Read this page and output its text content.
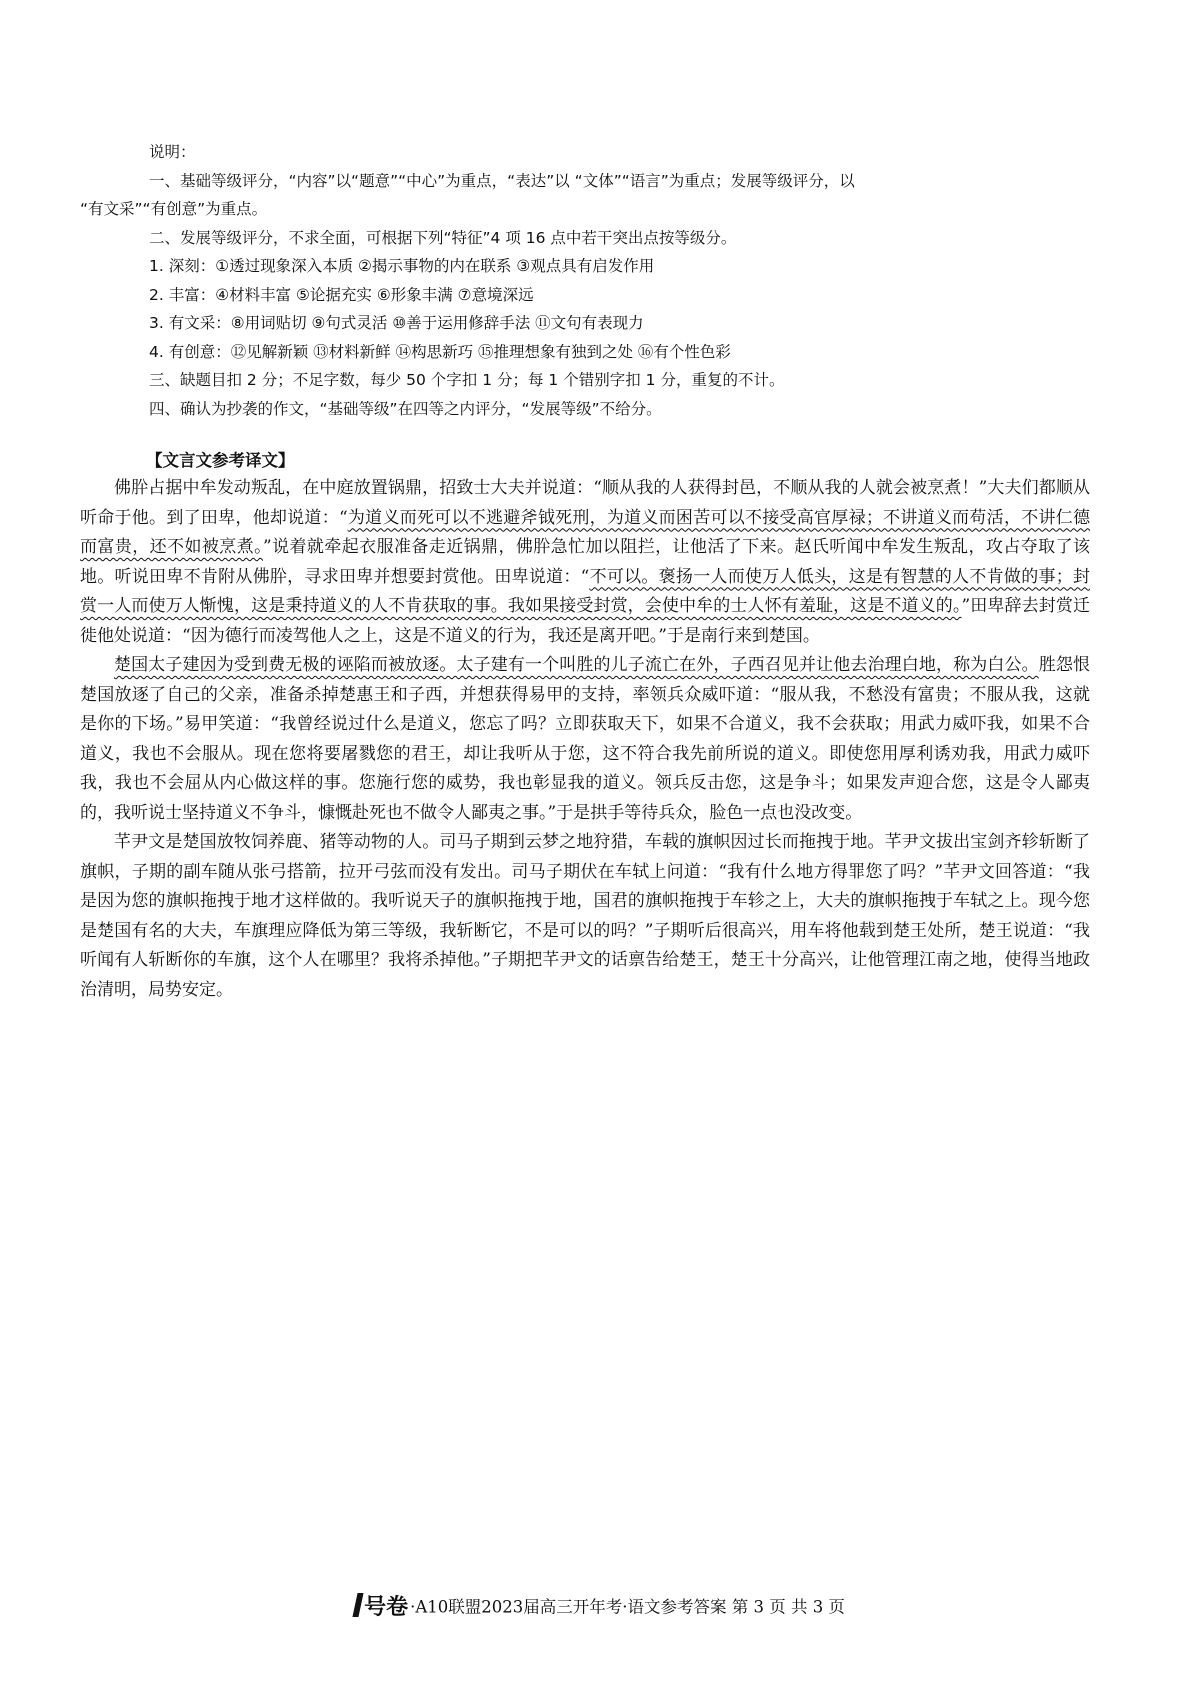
说明：

一、基础等级评分，“内容”以“题意”“中心”为重点，“表达”以 “文体”“语言”为重点；发展等级评分，以

“有文采”“有创意”为重点。

二、发展等级评分，不求全面，可根据下列“特征”4 项 16 点中若干突出点按等级分。

1. 深刻：①透过现象深入本质 ②揭示事物的内在联系 ③观点具有启发作用

2. 丰富：④材料丰富 ⑤论据充实 ⑥形象丰满 ⑦意境深远

3. 有文采：⑧用词贴切 ⑨句式灵活 ⑩善于运用修辞手法 ⑪文句有表现力

4. 有创意：⑫见解新颖 ⑬材料新鲜 ⑭构思新巧 ⑮推理想象有独到之处 ⑯有个性色彩

三、缺题目扣 2 分；不足字数，每少 50 个字扣 1 分；每 1 个错别字扣 1 分，重复的不计。

四、确认为抄袭的作文，“基础等级”在四等之内评分，“发展等级”不给分。

【文言文参考译文】

佛肸占据中牟发动叛乱，在中庭放置锅鼎，招致士大夫并说道：“顺从我的人获得封邑，不顺从我的人就会被烹煮！”大夫们都顺从听命于他。到了田卑，他却说道：“为道义而死可以不逃避斧钺死刑，为道义而困苦可以不接受高官厚禄；不讲道义而苟活，不讲仁德而富贵，还不如被烹煮。”说着就牵起衣服准备走近锅鼎，佛肸急忙加以阻拦，让他活了下来。赵氏听闻中牟发生叛乱，攻占夺取了该地。听说田卑不肯附从佛肸，寻求田卑并想要封赏他。田卑说道：“不可以。褒扬一人而使万人低头，这是有智慧的人不肯做的事；封赏一人而使万人惭愧，这是秉持道义的人不肯获取的事。我如果接受封赏，会使中牟的士人怀有羞耻，这是不道义的。”田卑辞去封赏迁徙他处说道：“因为德行而凌驾他人之上，这是不道义的行为，我还是离开吧。”于是南行来到楚国。

楚国太子建因为受到费无极的诬陷而被放逐。太子建有一个叫胜的儿子流亡在外，子西召见并让他去治理白地，称为白公。胜怨恨楚国放逐了自己的父亲，准备杀掉楚惠王和子西，并想获得易甲的支持，率领兵众威吓道：“服从我，不愁没有富贵；不服从我，这就是你的下场。”易甲笑道：“我曾经说过什么是道义，您忘了吗？立即获取天下，如果不合道义，我不会获取；用武力威吓我，如果不合道义，我也不会服从。现在您将要屠戮您的君王，却让我听从于您，这不符合我先前所说的道义。即使您用厚利诱劝我，用武力威吓我，我也不会屈从内心做这样的事。您施行您的威势，我也彰显我的道义。领兵反击您，这是争斗；如果发声迎合您，这是令人鄙夷的，我听说士坚持道义不争斗，慷慨赴死也不做令人鄙夷之事。”于是拱手等待兵众，脸色一点也没改变。

芊尹文是楚国放牧饲养鹿、猪等动物的人。司马子期到云梦之地狩猎，车载的旗帜因过长而拖拽于地。芊尹文拔出宝剑齐轸斩断了旗帜，子期的副车随从张弓搭箭，拉开弓弦而没有发出。司马子期伏在车轼上问道：“我有什么地方得罪您了吗？”芊尹文回答道：“我是因为您的旗帜拖拽于地才这样做的。我听说天子的旗帜拖拽于地，国君的旗帜拖拽于车轸之上，大夫的旗帜拖拽于车轼之上。现今您是楚国有名的大夫，车旗理应降低为第三等级，我斩断它，不是可以的吗？”子期听后很高兴，用车将他载到楚王处所，楚王说道：“我听闻有人斩断你的车旗，这个人在哪里？我将杀掉他。”子期把芊尹文的话禀告给楚王，楚王十分高兴，让他管理江南之地，使得当地政治清明，局势安定。

号卷 ·A10联盟2023届高三开年考·语文参考答案 第 3 页 共 3 页
